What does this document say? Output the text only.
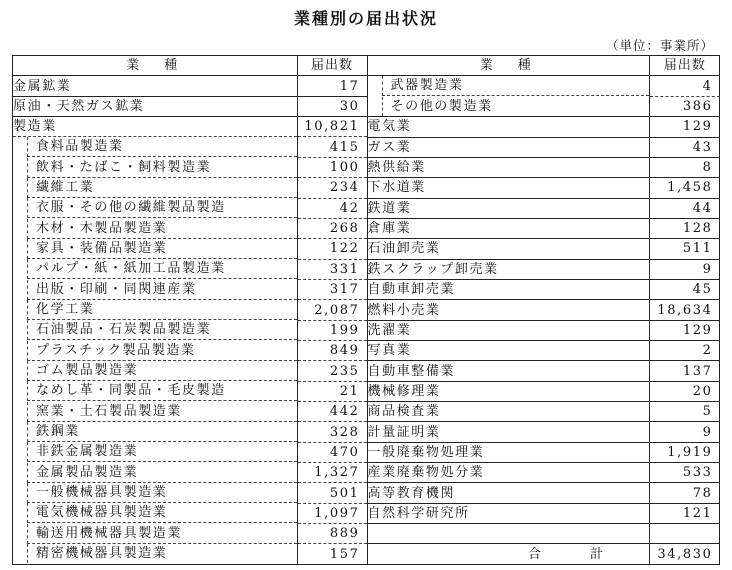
業種別の届出状況
（単位：事業所）
業　種	届出数
金属鉱業	17
原油・天然ガス鉱業	30
製造業	10,821

食料品製造業	415

飲料・たばこ・飼料製造業	100

繊維工業	234

衣服・その他の繊維製品製造	42

木材・木製品製造業	268

家具・装備品製造業	122

パルプ・紙・紙加工品製造業	331

出版・印刷・同関連産業	317

化学工業	2,087

石油製品・石炭製品製造業	199

プラスチック製品製造業	849

ゴム製品製造業	235

なめし革・同製品・毛皮製造	21

窯業・土石製品製造業	442

鉄鋼業	328

非鉄金属製造業	470

金属製品製造業	1,327

一般機械器具製造業	501

電気機械器具製造業	1,097

輸送用機械器具製造業	889

精密機械器具製造業	157
業　種	届出数

武器製造業	4

その他の製造業	386
電気業	129
ガス業	43
熱供給業	8
下水道業	1,458
鉄道業	44
倉庫業	128
石油卸売業	511
鉄スクラップ卸売業	9
自動車卸売業	45
燃料小売業	18,634
洗濯業	129
写真業	2
自動車整備業	137
機械修理業	20
商品検査業	5
計量証明業	9
一般廃棄物処理業	1,919
産業廃棄物処分業	533
高等教育機関	78
自然科学研究所	121

合　計	34,830
